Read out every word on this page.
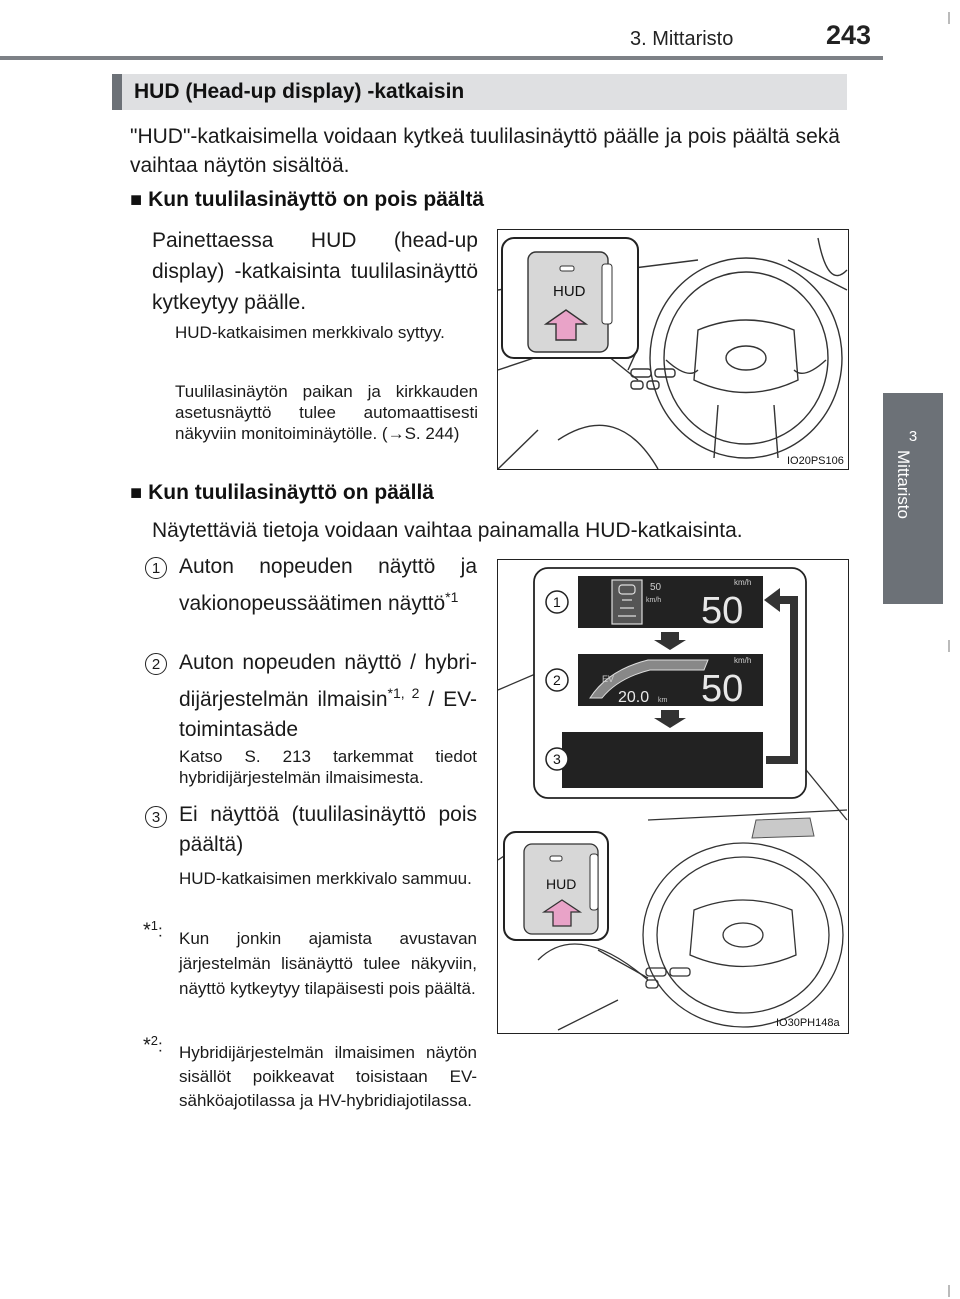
3. Mittaristo	243
3
Mittaristo
HUD (Head-up display) -katkaisin
"HUD"-katkaisimella voidaan kytkeä tuulilasinäyttö päälle ja pois päältä sekä vaihtaa näytön sisältöä.
■ Kun tuulilasinäyttö on pois päältä
Painettaessa HUD (head-up display) -katkaisinta tuulilasinäyttö kytkeytyy päälle.
HUD-katkaisimen merkkivalo syttyy.
Tuulilasinäytön paikan ja kirkkauden asetusnäyttö tulee automaattisesti näkyviin monitoiminäytölle. (→S. 244)
HUD
IO20PS106
■ Kun tuulilasinäyttö on päällä
Näytettäviä tietoja voidaan vaihtaa painamalla HUD-katkaisinta.
1 Auton nopeuden näyttö ja vakionopeussäätimen näyttö$^{*1}$
2 Auton nopeuden näyttö / hybridijärjestelmän ilmaisin$^{*1, 2}$ / EV-toimintasäde
Katso S. 213 tarkemmat tiedot hybridijärjestelmän ilmaisimesta.
3 Ei näyttöä (tuulilasinäyttö pois päältä)
HUD-katkaisimen merkkivalo sammuu.
*$^1$: Kun jonkin ajamista avustavan järjestelmän lisänäyttö tulee näkyviin, näyttö kytkeytyy tilapäisesti pois päältä.
*$^2$: Hybridijärjestelmän ilmaisimen näytön sisällöt poikkeavat toisistaan EV-sähköajotilassa ja HV-hybridiajotilassa.
50
km/h
km/h
50
EV
20.0 km
km/h
50
1
2
3
HUD
IO30PH148a
